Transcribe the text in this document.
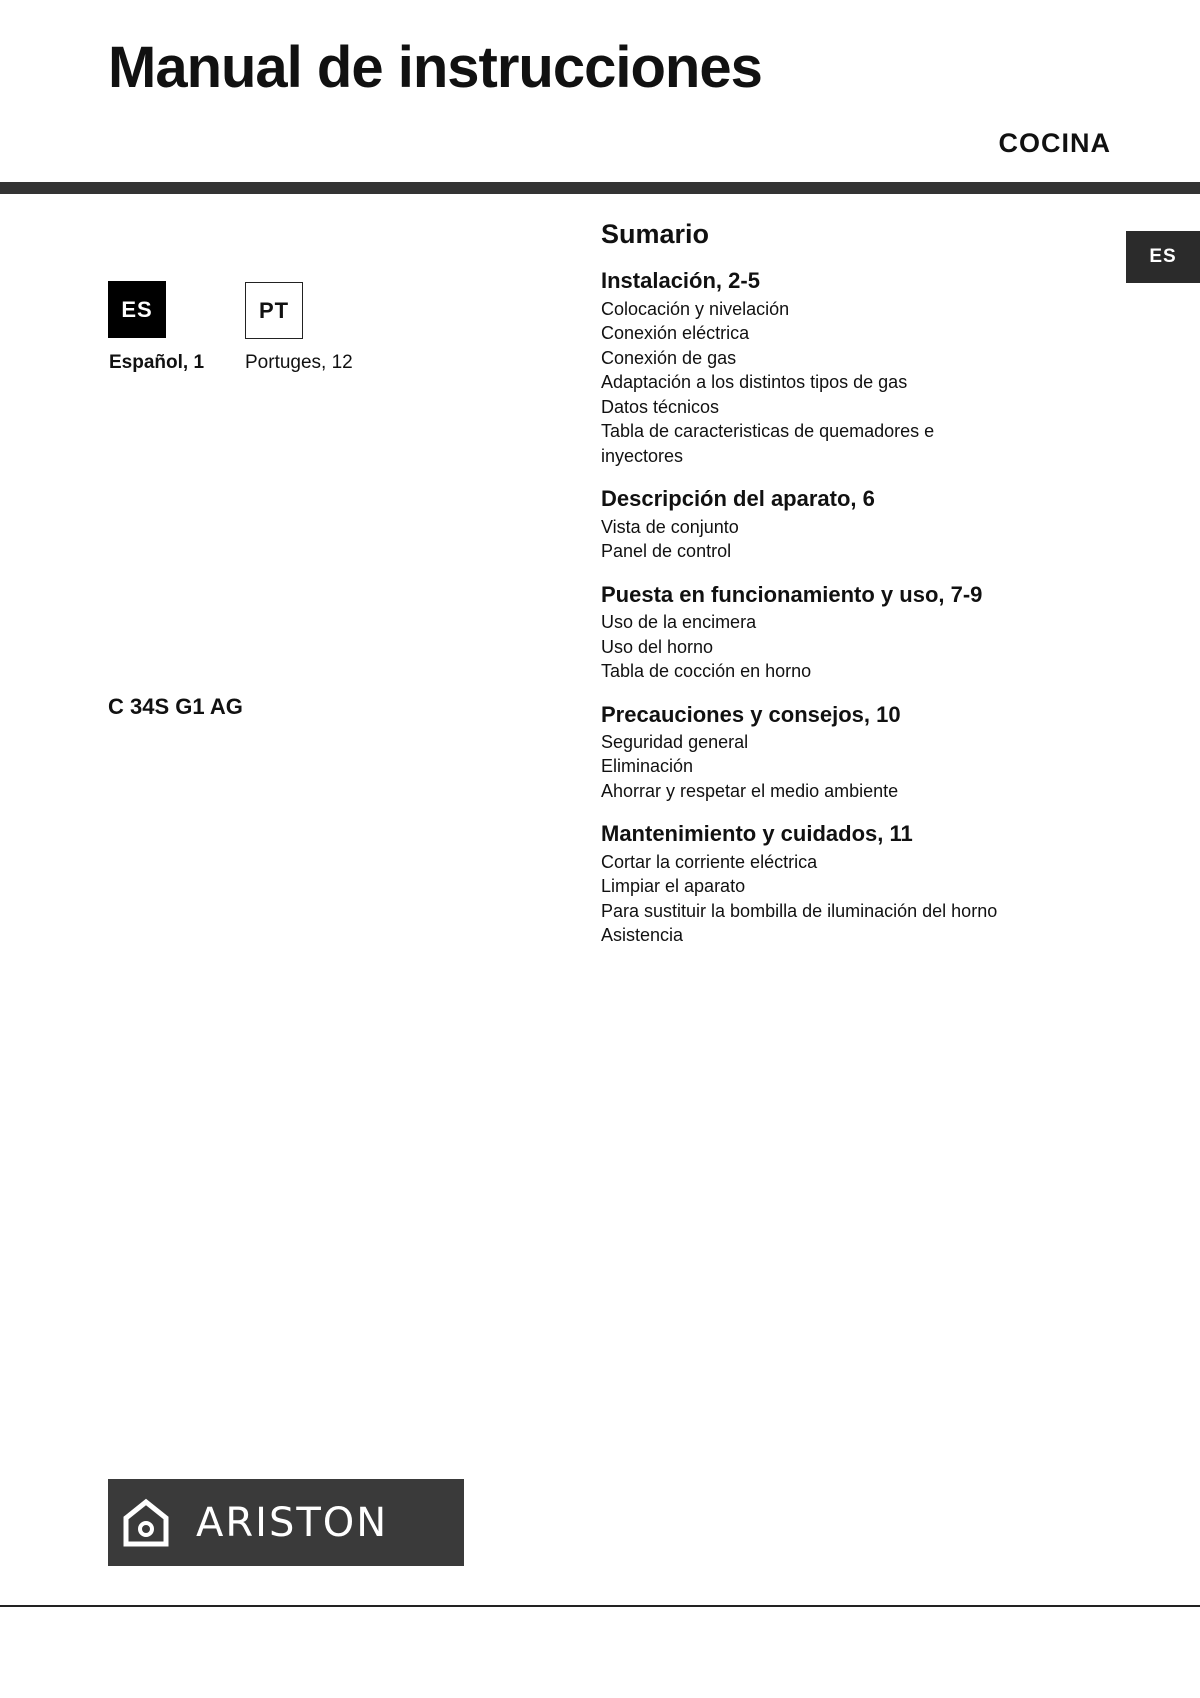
Manual de instrucciones
COCINA
ES
ES
Español, 1
PT
Portuges, 12
C 34S G1 AG
Sumario
Instalación, 2-5
Colocación y nivelación
Conexión eléctrica
Conexión de gas
Adaptación a los distintos tipos de gas
Datos técnicos
Tabla de caracteristicas de quemadores e
inyectores
Descripción del aparato, 6
Vista de conjunto
Panel de control
Puesta en funcionamiento y uso, 7-9
Uso de la encimera
Uso del horno
Tabla de cocción en horno
Precauciones y consejos, 10
Seguridad general
Eliminación
Ahorrar y respetar el medio ambiente
Mantenimiento y cuidados, 11
Cortar la corriente eléctrica
Limpiar el aparato
Para sustituir la bombilla de iluminación del horno
Asistencia
ARISTON
